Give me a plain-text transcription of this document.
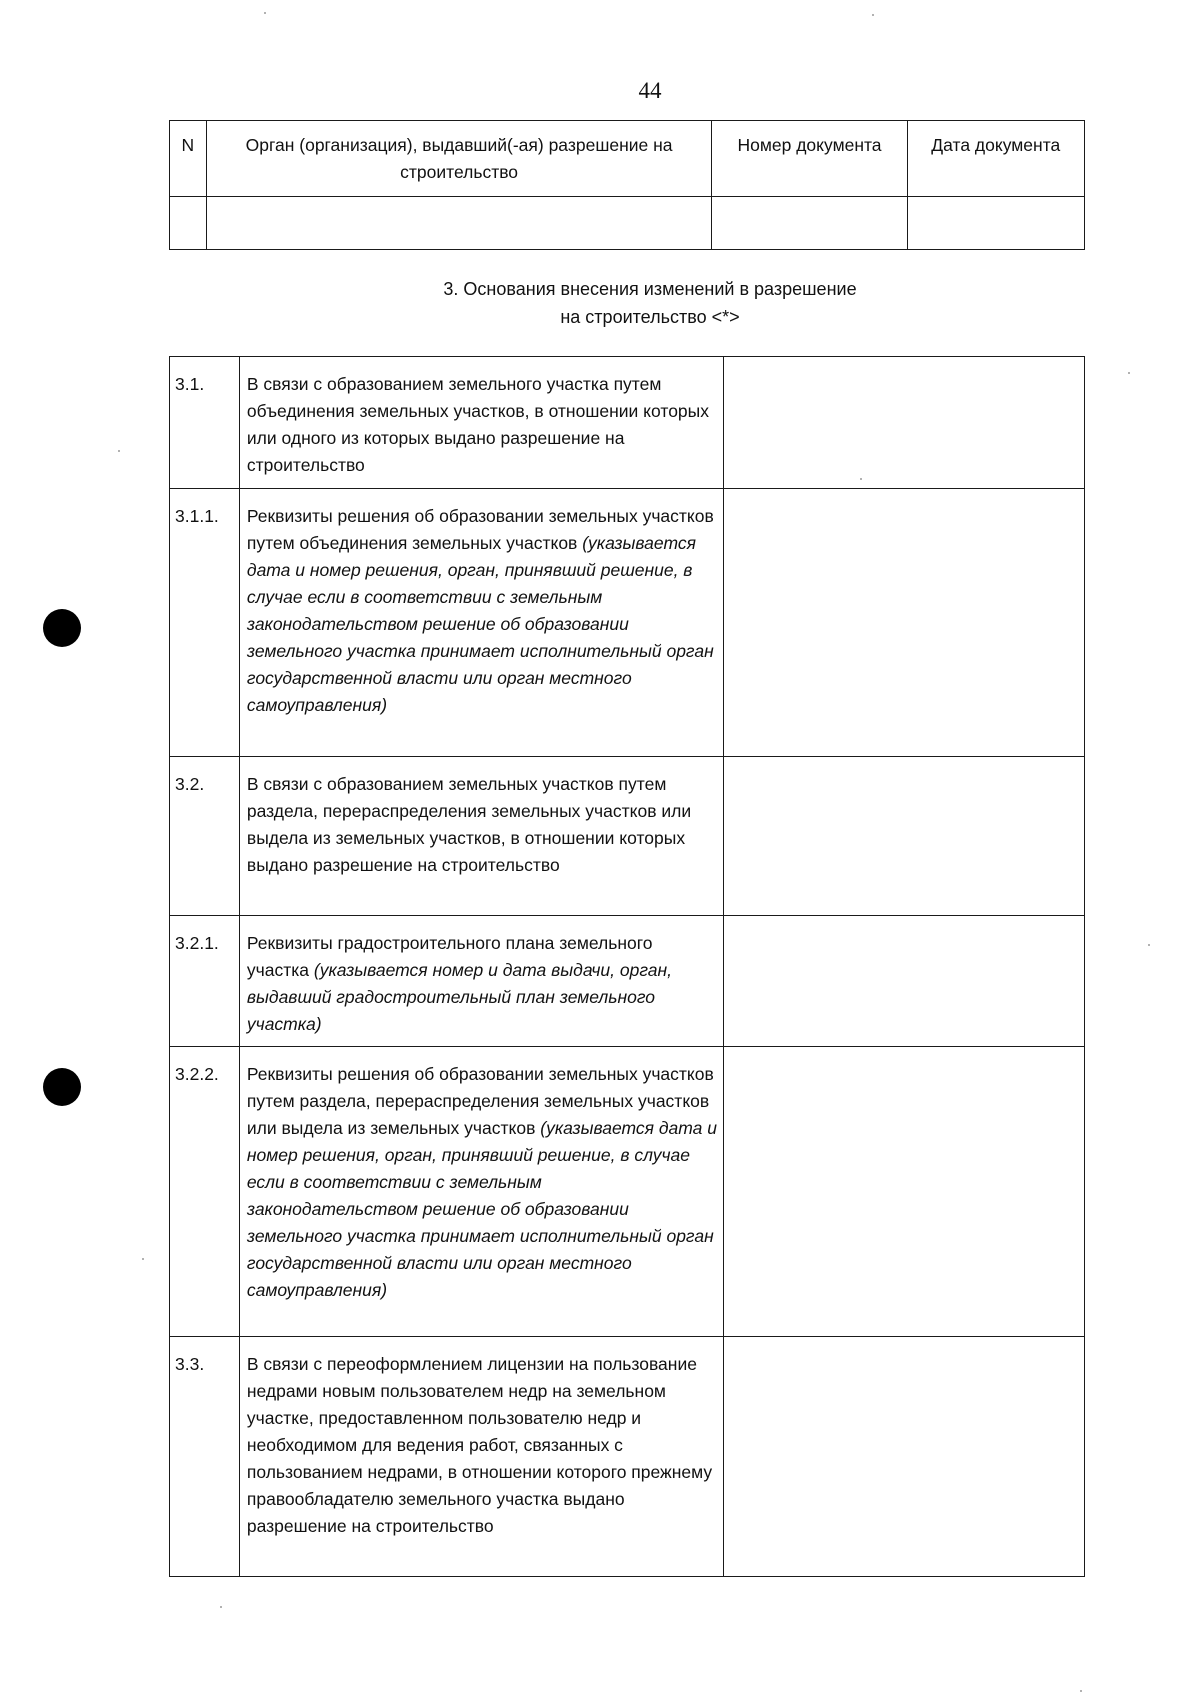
44
N	Орган (организация), выдавший(-ая) разрешение на строительство	Номер документа	Дата документа

3. Основания внесения изменений в разрешение
на строительство <*>
3.1.	В связи с образованием земельного участка путем объединения земельных участков, в отношении которых или одного из которых выдано разрешение на строительство	
3.1.1.	Реквизиты решения об образовании земельных участков путем объединения земельных участков (указывается дата и номер решения, орган, принявший решение, в случае если в соответствии с земельным законодательством решение об образовании земельного участка принимает исполнительный орган государственной власти или орган местного самоуправления)	
3.2.	В связи с образованием земельных участков путем раздела, перераспределения земельных участков или выдела из земельных участков, в отношении которых выдано разрешение на строительство	
3.2.1.	Реквизиты градостроительного плана земельного участка (указывается номер и дата выдачи, орган, выдавший градостроительный план земельного участка)	
3.2.2.	Реквизиты решения об образовании земельных участков путем раздела, перераспределения земельных участков или выдела из земельных участков (указывается дата и номер решения, орган, принявший решение, в случае если в соответствии с земельным законодательством решение об образовании земельного участка принимает исполнительный орган государственной власти или орган местного самоуправления)	
3.3.	В связи с переоформлением лицензии на пользование недрами новым пользователем недр на земельном участке, предоставленном пользователю недр и необходимом для ведения работ, связанных с пользованием недрами, в отношении которого прежнему правообладателю земельного участка выдано разрешение на строительство	
